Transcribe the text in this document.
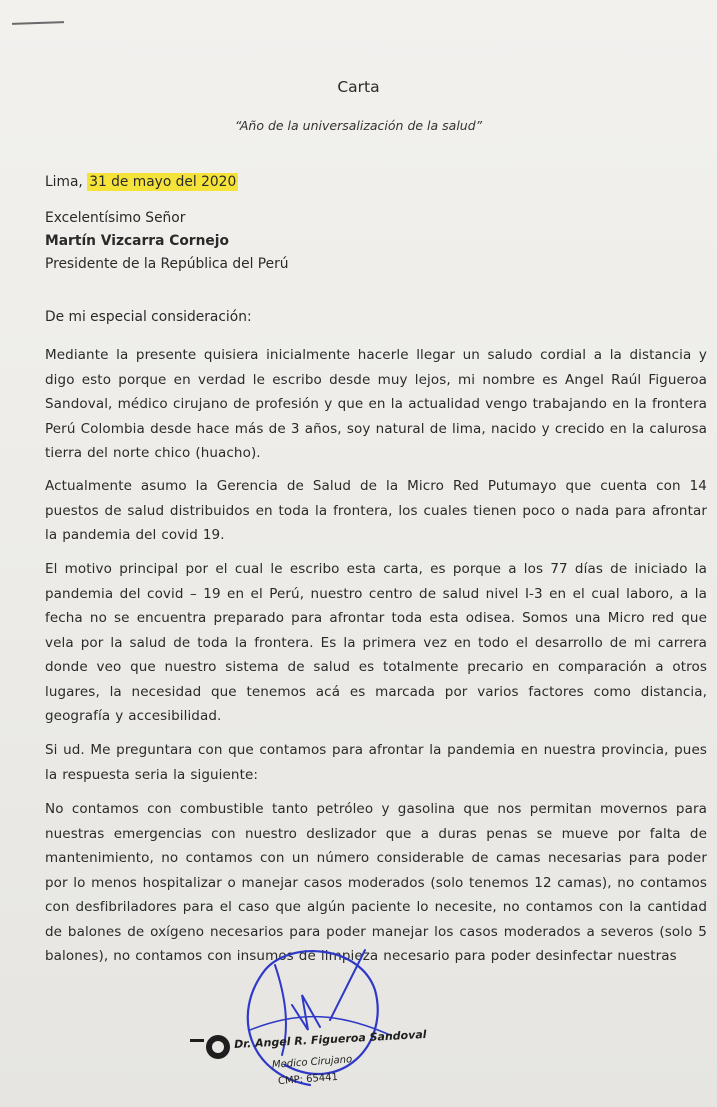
Carta
“Año de la universalización de la salud”
Lima, 31 de mayo del 2020
Excelentísimo Señor
Martín Vizcarra Cornejo
Presidente de la República del Perú
De mi especial consideración:
Mediante la presente quisiera inicialmente hacerle llegar un saludo cordial a la distancia y digo esto porque en verdad le escribo desde muy lejos, mi nombre es Angel Raúl Figueroa Sandoval, médico cirujano de profesión y que en la actualidad vengo trabajando en la frontera Perú Colombia desde hace más de 3 años, soy natural de lima, nacido y crecido en la calurosa tierra del norte chico (huacho).
Actualmente asumo la Gerencia de Salud de la Micro Red Putumayo que cuenta con 14 puestos de salud distribuidos en toda la frontera, los cuales tienen poco o nada para afrontar la pandemia del covid 19.
El motivo principal por el cual le escribo esta carta, es porque a los 77 días de iniciado la pandemia del covid – 19 en el Perú, nuestro centro de salud nivel I-3 en el cual laboro, a la fecha no se encuentra preparado para afrontar toda esta odisea. Somos una Micro red que vela por la salud de toda la frontera. Es la primera vez en todo el desarrollo de mi carrera donde veo que nuestro sistema de salud es totalmente precario en comparación a otros lugares, la necesidad que tenemos acá es marcada por varios factores como distancia, geografía y accesibilidad.
Si ud. Me preguntara con que contamos para afrontar la pandemia en nuestra provincia, pues la respuesta seria la siguiente:
No contamos con combustible tanto petróleo y gasolina que nos permitan movernos para nuestras emergencias con nuestro deslizador que a duras penas se mueve por falta de mantenimiento, no contamos con un número considerable de camas necesarias para poder por lo menos hospitalizar o manejar casos moderados (solo tenemos 12 camas), no contamos con desfibriladores para el caso que algún paciente lo necesite, no contamos con la cantidad de balones de oxígeno necesarios para poder manejar los casos moderados a severos (solo 5 balones), no contamos con insumos de limpieza necesario para poder desinfectar nuestras
Dr. Angel R. Figueroa Sandoval
Medico Cirujano
CMP: 65441
